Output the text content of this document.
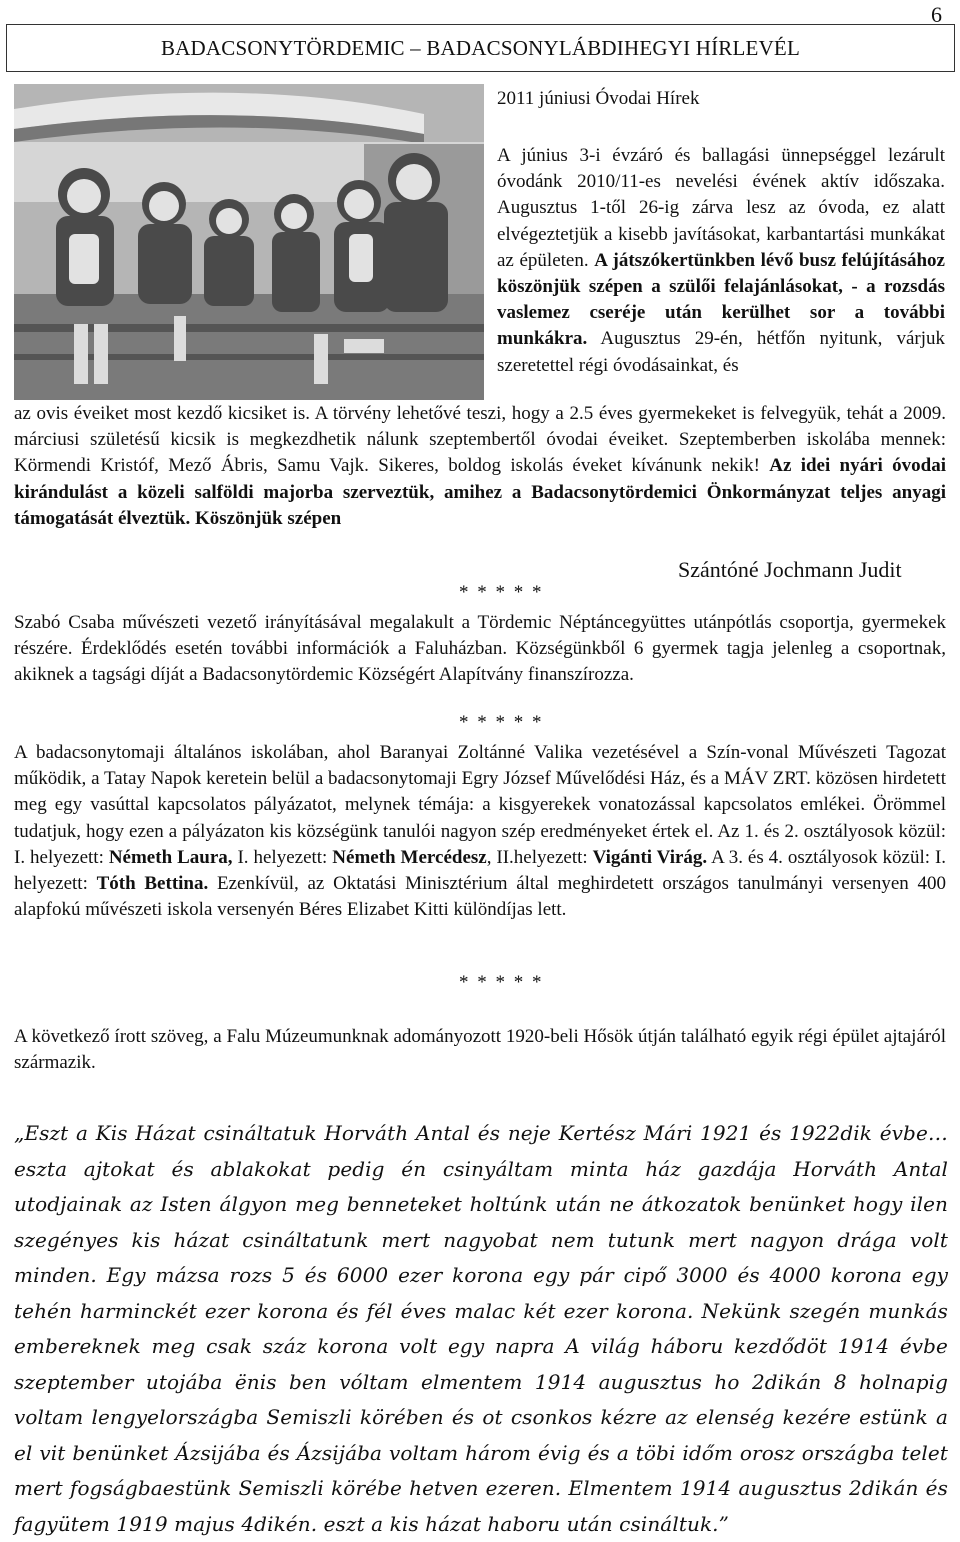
6
BADACSONYTÖRDEMIC – BADACSONYLÁBDIHEGYI HÍRLEVÉL
2011 júniusi Óvodai Hírek

A június 3-i évzáró és ballagási ünnepséggel lezárult óvodánk 2010/11-es nevelési évének aktív időszaka. Augusztus 1-től 26-ig zárva lesz az óvoda, ez alatt elvégeztetjük a kisebb javításokat, karbantartási munkákat az épületen. A játszókertünkben lévő busz felújításához köszönjük szépen a szülői felajánlásokat, - a rozsdás vaslemez cseréje után kerülhet sor a további munkákra. Augusztus 29-én, hétfőn nyitunk, várjuk szeretettel régi óvodásainkat, és

az ovis éveiket most kezdő kicsiket is. A törvény lehetővé teszi, hogy a 2.5 éves gyermekeket is felvegyük, tehát a 2009. márciusi születésű kicsik is megkezdhetik nálunk szeptembertől óvodai éveiket. Szeptemberben iskolába mennek: Körmendi Kristóf, Mező Ábris, Samu Vajk. Sikeres, boldog iskolás éveket kívánunk nekik! Az idei nyári óvodai kirándulást a közeli salföldi majorba szerveztük, amihez a Badacsonytördemici Önkormányzat teljes anyagi támogatását élveztük. Köszönjük szépen

Szántóné Jochmann Judit
* * * * *

Szabó Csaba művészeti vezető irányításával megalakult a Tördemic Néptáncegyüttes utánpótlás csoportja, gyermekek részére. Érdeklődés esetén további információk a Faluházban. Községünkből 6 gyermek tagja jelenleg a csoportnak, akiknek a tagsági díját a Badacsonytördemic Községért Alapítvány finanszírozza.

* * * * *

A badacsonytomaji általános iskolában, ahol Baranyai Zoltánné Valika vezetésével a Szín-vonal Művészeti Tagozat működik, a Tatay Napok keretein belül a badacsonytomaji Egry József Művelődési Ház, és a MÁV ZRT. közösen hirdetett meg egy vasúttal kapcsolatos pályázatot, melynek témája: a kisgyerekek vonatozással kapcsolatos emlékei. Örömmel tudatjuk, hogy ezen a pályázaton kis községünk tanulói nagyon szép eredményeket értek el. Az 1. és 2. osztályosok közül: I. helyezett: Németh Laura, I. helyezett: Németh Mercédesz, II.helyezett: Vigánti Virág. A 3. és 4. osztályosok közül: I. helyezett: Tóth Bettina. Ezenkívül, az Oktatási Minisztérium által meghirdetett országos tanulmányi versenyen 400 alapfokú művészeti iskola versenyén Béres Elizabet Kitti különdíjas lett.

* * * * *

A következő írott szöveg, a Falu Múzeumunknak adományozott 1920-beli Hősök útján található egyik régi épület ajtajáról származik.

„Eszt a Kis Házat csináltatuk Horváth Antal és neje Kertész Mári 1921 és 1922dik évbe… eszta ajtokat és ablakokat pedig én csinyáltam minta ház gazdája Horváth Antal utodjainak az Isten álgyon meg benneteket holtúnk után ne átkozatok benünket hogy ilen szegényes kis házat csináltatunk mert nagyobat nem tutunk mert nagyon drága volt minden. Egy mázsa rozs 5 és 6000 ezer korona egy pár cipő 3000 és 4000 korona egy tehén harminckét ezer korona és fél éves malac két ezer korona. Nekünk szegén munkás embereknek meg csak száz korona volt egy napra A világ háboru kezdődöt 1914 évbe szeptember utojába ënis ben vóltam elmentem 1914 augusztus ho 2dikán 8 holnapig voltam lengyelországba Semiszli körében és ot csonkos kézre az elenség kezére estünk a el vit benünket Ázsijába és Ázsijába voltam három évig és a töbi időm orosz országba telet mert fogságbaestünk Semiszli körébe hetven ezeren. Elmentem 1914 augusztus 2dikán és fagyütem 1919 majus 4dikén. eszt a kis házat haboru után csináltuk.”
